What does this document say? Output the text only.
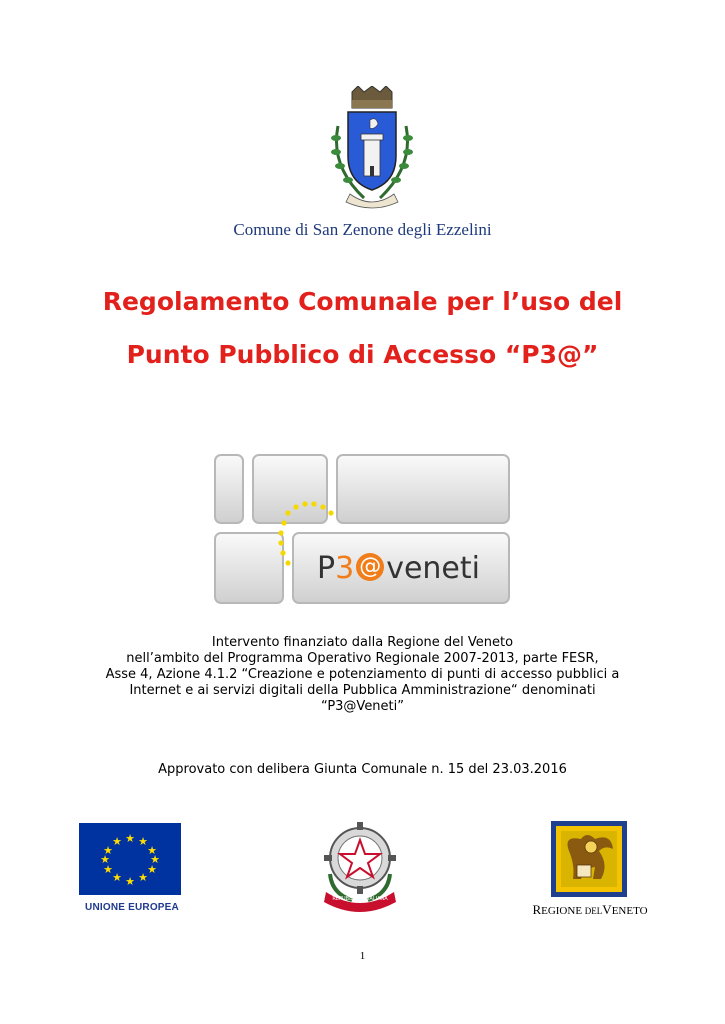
Comune di San Zenone degli Ezzelini
Regolamento Comunale per l’uso del
Punto Pubblico di Accesso “P3@”
P3 @ veneti
Intervento finanziato dalla Regione del Veneto
nell’ambito del Programma Operativo Regionale 2007-2013, parte FESR,
Asse 4, Azione 4.1.2 “Creazione e potenziamento di punti di accesso pubblici a
Internet e ai servizi digitali della Pubblica Amministrazione“ denominati
“P3@Veneti”
Approvato con delibera Giunta Comunale n. 15 del 23.03.2016
★ ★
★
★
★
★
★
★
★
★
★
★
UNIONE EUROPEA
REPUBBLICA ITALIANA
REGIONE DELVENETO
1
